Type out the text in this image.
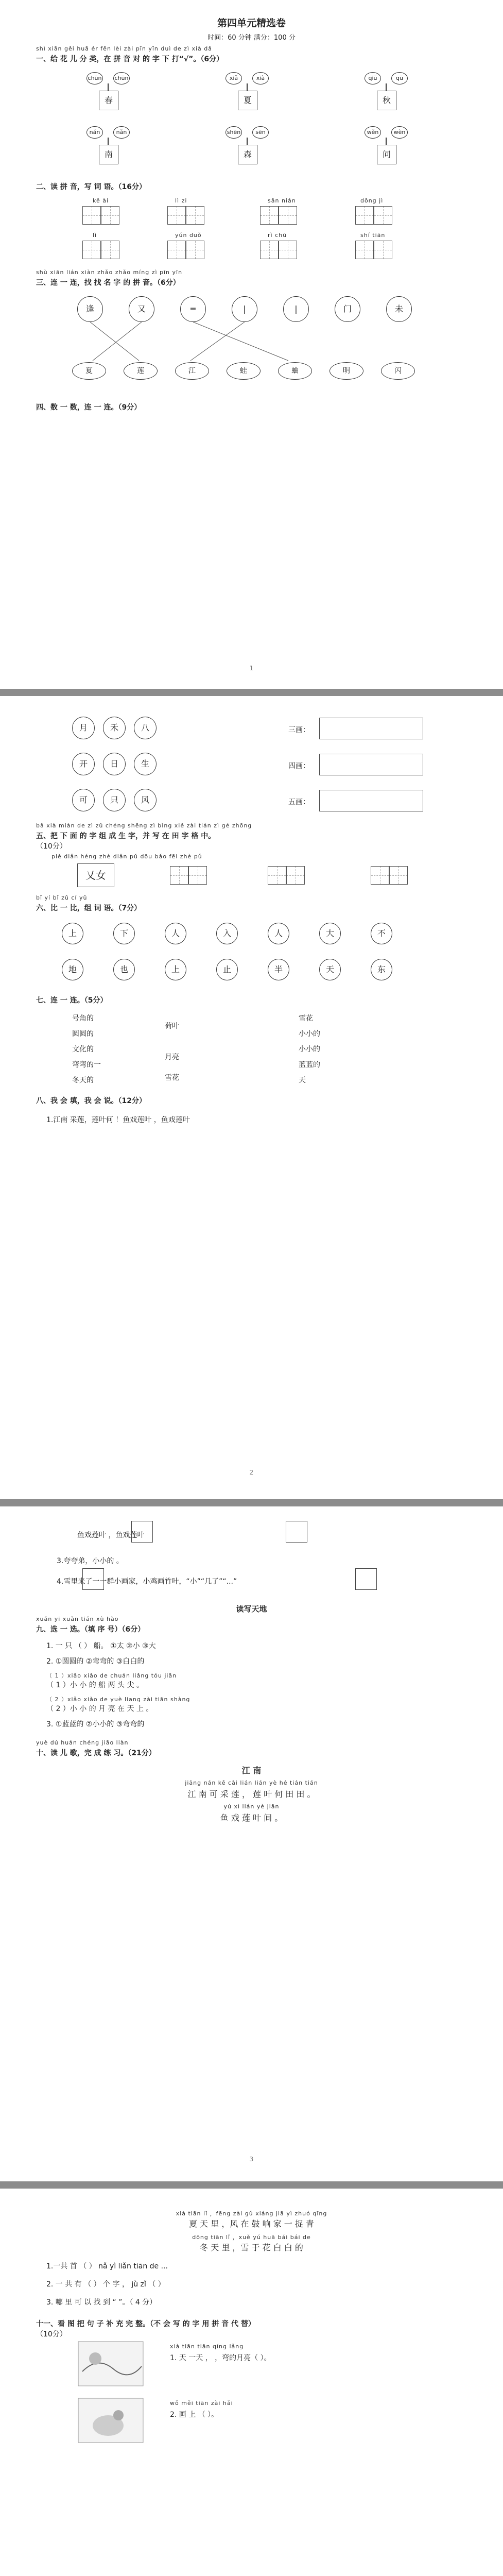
第四单元精选卷
时间：60 分钟 满分：100 分
shì xiān gěi huā ér fēn lèi zài pīn yīn duì de zì xià dǎ
一、给 花 儿 分 类，在 拼 音 对 的 字 下 打“√”。（6分）
chūn chūn
春
xiǎ	xià
夏
qiū	qū
秋
nán	nǎn
南
shēn	sēn
森
wěn	wèn
问
二、读 拼 音，写 词 语。（16分）
kě ài	lì zi	sān nián	dōng jì
lì	yún duǒ	rì chū	shí tiān
shù xiān lián xiàn zhǎo zhǎo míng zì pīn yīn
三、连 一 连，找 找 名 字 的 拼 音。（6分）
逢	又	=	|	|	门	未
夏	莲	江	蛙	蛐	明	闪
四、数 一 数，连 一 连。（9分）
1
月	禾	八
开	日	生
可	只	风
三画：
四画：
五画：
bǎ xià miàn de zì zǔ chéng shēng zì bìng xiě zài tián zì gé zhōng
五、把 下 面 的 字 组 成 生 字，并 写 在 田 字 格 中。
（10分）
piě diǎn héng zhè diǎn pǔ dōu bǎo fēi zhè pǔ
乂女
bǐ yí bǐ zǔ cí yǔ
六、比 一 比，组 词 语。（7分）
上	下	人	入	人	大	不
地	也	上	止	半	天	东
七、连 一 连。（5分）
号角的
圆圆的
文化的
弯弯的一
冬天的
荷叶
月亮
雪花
雪花
小小的
小小的
蓝蓝的
天
八、我 会 填，我 会 说。（12分）
1.江南 采莲，莲叶何 ！鱼戏莲叶 ，鱼戏莲叶
2
鱼戏莲叶 ，鱼戏莲叶
3.夸夸弟，小小的 。
4.雪里来了一一群小画家，小鸡画竹叶，“小”“几了”“...”
读写天地
xuǎn yi xuǎn tián xù hào
九、选 一 选。（填 序 号）（6分）
1. 一 只 （ ） 船。 ①太 ②小 ③大
2. ①圆圆的 ②弯弯的 ③白白的
（ 1 ）xiǎo xiǎo de chuán liǎng tóu jiān
（ 1 ）小 小 的 船 两 头 尖 。
（ 2 ）xiǎo xiǎo de yuè liang zài tiān shàng
（ 2 ）小 小 的 月 亮 在 天 上 。
3. ①蓝蓝的 ②小小的 ③弯弯的
yuè dú huán chéng jiāo liàn
十、读 儿 歌，完 成 练 习。（21分）
江 南
jiāng nán kě cǎi lián lián yè hé tián tián
江 南 可 采 莲 ， 莲 叶 何 田 田 。
yú xì lián yè jiān
鱼 戏 莲 叶 间 。
3
xià tiān lǐ ，fēng zài gǔ xiáng jiā yì zhuó qīng
夏 天 里 ，风 在 鼓 响 家 一 捉 青
dōng tiān lǐ ，xuě yú huā bái bái de
冬 天 里 ，雪 于 花 白 白 的
1.一共 首 （ ） nǎ yì liǎn tiān de ...
2. 一 共 有 （ ） 个 字 ， jù zǐ （ ）
3. 哪 里 可 以 找 到 “ ”。（ 4 分）
十一、看 图 把 句 子 补 充 完 整。（不 会 写 的 字 用 拼 音 代 替）
（10分）
xià tiān tiān qíng lǎng
1. 天 一天 ， ，弯的月亮（ ）。
wǒ měi tiān zài hǎi
2. 画 上 （ ）。
